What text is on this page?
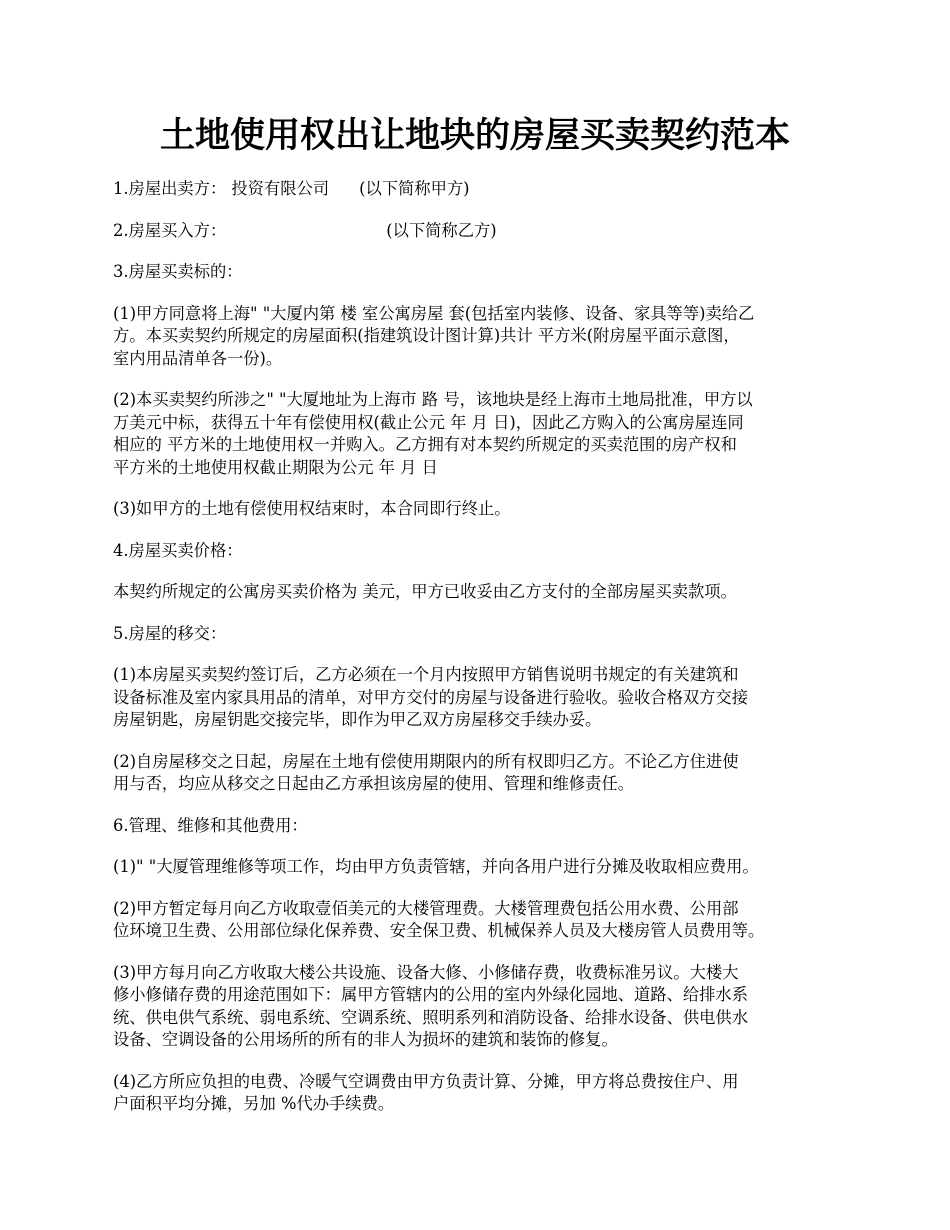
土地使用权出让地块的房屋买卖契约范本

1.房屋出卖方： 投资有限公司 (以下简称甲方)

2.房屋买入方：	(以下简称乙方)

3.房屋买卖标的：

(1)甲方同意将上海" "大厦内第 楼 室公寓房屋 套(包括室内装修、设备、家具等等)卖给乙
方。本买卖契约所规定的房屋面积(指建筑设计图计算)共计 平方米(附房屋平面示意图，
室内用品清单各一份)。

(2)本买卖契约所涉之" "大厦地址为上海市 路 号，该地块是经上海市土地局批准，甲方以
万美元中标，获得五十年有偿使用权(截止公元 年 月 日)，因此乙方购入的公寓房屋连同
相应的 平方米的土地使用权一并购入。乙方拥有对本契约所规定的买卖范围的房产权和
平方米的土地使用权截止期限为公元 年 月 日

(3)如甲方的土地有偿使用权结束时，本合同即行终止。

4.房屋买卖价格：

本契约所规定的公寓房买卖价格为 美元，甲方已收妥由乙方支付的全部房屋买卖款项。

5.房屋的移交：

(1)本房屋买卖契约签订后，乙方必须在一个月内按照甲方销售说明书规定的有关建筑和
设备标准及室内家具用品的清单，对甲方交付的房屋与设备进行验收。验收合格双方交接
房屋钥匙，房屋钥匙交接完毕，即作为甲乙双方房屋移交手续办妥。

(2)自房屋移交之日起，房屋在土地有偿使用期限内的所有权即归乙方。不论乙方住进使
用与否，均应从移交之日起由乙方承担该房屋的使用、管理和维修责任。

6.管理、维修和其他费用：

(1)" "大厦管理维修等项工作，均由甲方负责管辖，并向各用户进行分摊及收取相应费用。

(2)甲方暂定每月向乙方收取壹佰美元的大楼管理费。大楼管理费包括公用水费、公用部
位环境卫生费、公用部位绿化保养费、安全保卫费、机械保养人员及大楼房管人员费用等。

(3)甲方每月向乙方收取大楼公共设施、设备大修、小修储存费，收费标准另议。大楼大
修小修储存费的用途范围如下：属甲方管辖内的公用的室内外绿化园地、道路、给排水系
统、供电供气系统、弱电系统、空调系统、照明系列和消防设备、给排水设备、供电供水
设备、空调设备的公用场所的所有的非人为损坏的建筑和装饰的修复。

(4)乙方所应负担的电费、冷暖气空调费由甲方负责计算、分摊，甲方将总费按住户、用
户面积平均分摊，另加 %代办手续费。
